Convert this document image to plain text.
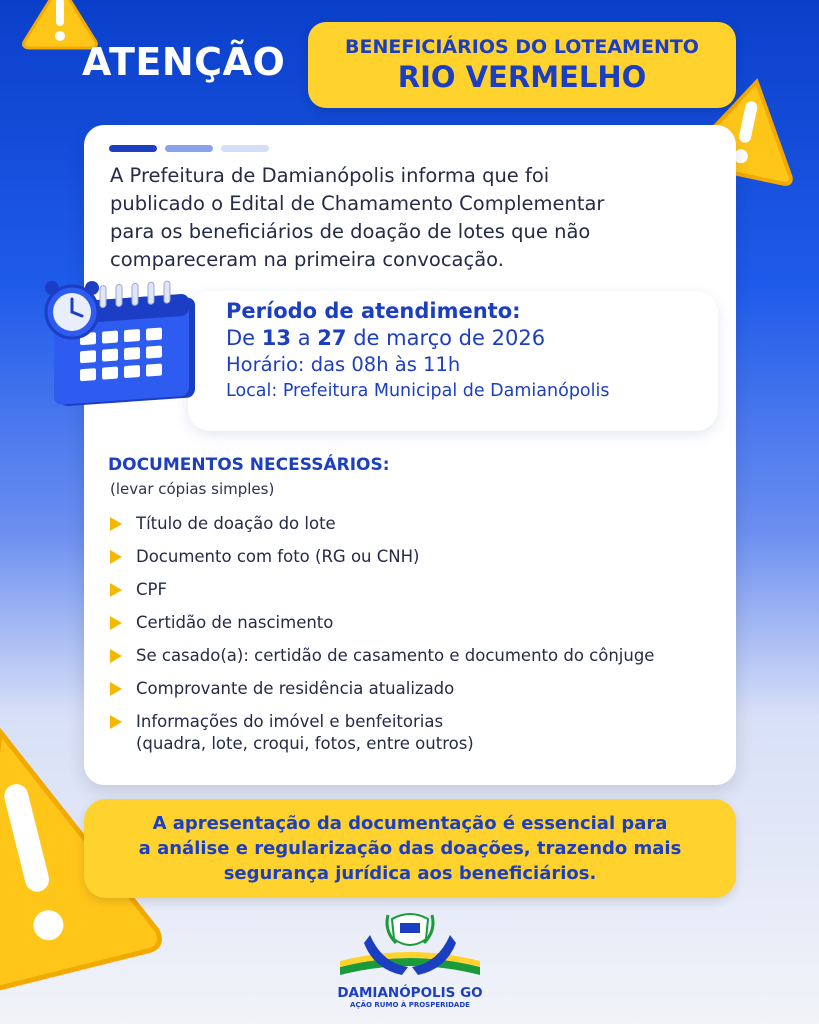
ATENÇÃO	BENEFICIÁRIOS DO LOTEAMENTO
RIO VERMELHO
A Prefeitura de Damianópolis informa que foi
publicado o Edital de Chamamento Complementar
para os beneficiários de doação de lotes que não
compareceram na primeira convocação.
Período de atendimento:
De 13 a 27 de março de 2026
Horário: das 08h às 11h
Local: Prefeitura Municipal de Damianópolis
DOCUMENTOS NECESSÁRIOS:
(levar cópias simples)
Título de doação do lote
Documento com foto (RG ou CNH)
CPF
Certidão de nascimento
Se casado(a): certidão de casamento e documento do cônjuge
Comprovante de residência atualizado
Informações do imóvel e benfeitorias
(quadra, lote, croqui, fotos, entre outros)
A apresentação da documentação é essencial para
a análise e regularização das doações, trazendo mais
segurança jurídica aos beneficiários.
DAMIANÓPOLIS GO
AÇÃO RUMO À PROSPERIDADE
